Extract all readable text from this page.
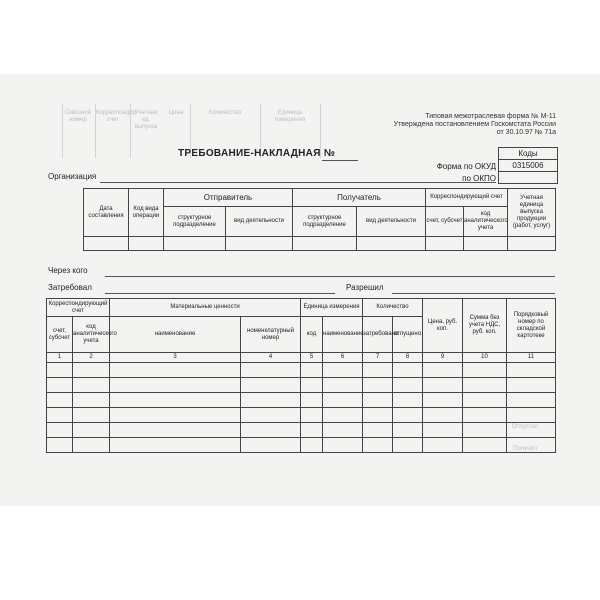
Сквозной номер
Корреспондир. счет
Учетная ед. выпуска
Цена	Количество	Единица измерения
Отпустил
Получил
Типовая межотраслевая форма № М-11
Утверждена постановлением Госкомстата России
от 30.10.97 № 71а
ТРЕБОВАНИЕ-НАКЛАДНАЯ №
Форма по ОКУД
по ОКПО
Коды
0315006

Организация
Дата составления	Код вида операции	Отправитель		Получатель		Корреспондирующий счет		Учетная единица выпуска продукции (работ, услуг)
		структурное подразделение	вид деятельности	структурное подразделение	вид деятельности	счет, субсчет	код аналитического учета	

Через кого
Затребовал	Разрешил
Корреспондирующий счет		Материальные ценности		Единица измерения		Количество		Цена, руб. коп.	Сумма без учета НДС, руб. коп.	Порядковый номер по складской картотеке
счет, субсчет	код аналитического учета	наименование	номенклатурный номер	код	наименование	затребовано	отпущено			
1	2	3	4	5	6	7	8	9	10	11
